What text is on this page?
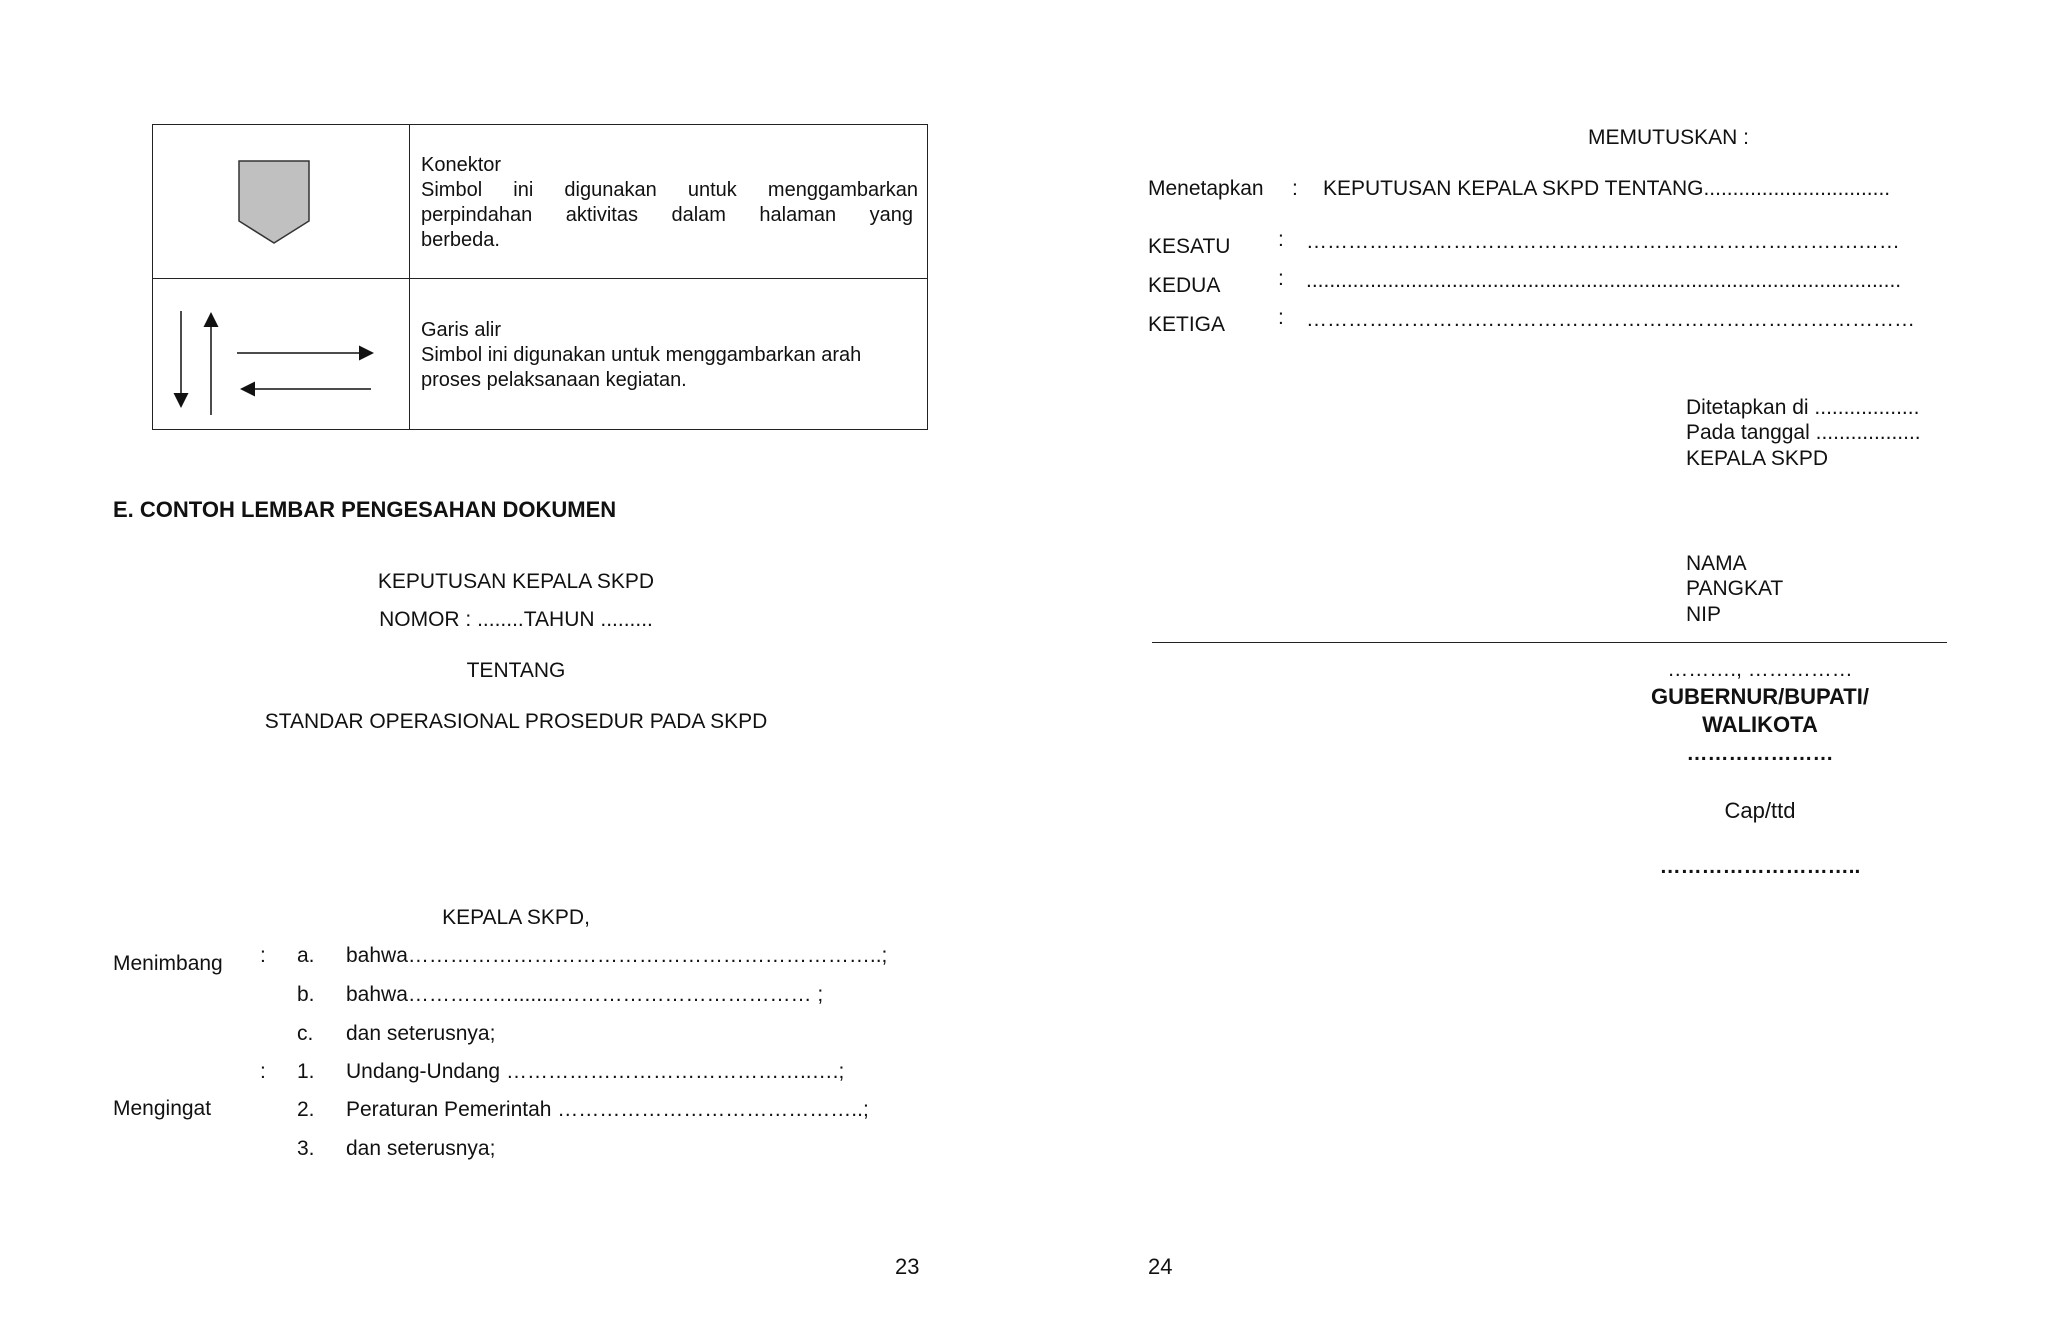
Konektor
Simbol ini digunakan untuk menggambarkan
perpindahan aktivitas dalam halaman yang
berbeda.
Garis alir
Simbol ini digunakan untuk menggambarkan arah
proses pelaksanaan kegiatan.
E. CONTOH LEMBAR PENGESAHAN DOKUMEN
KEPUTUSAN KEPALA SKPD
NOMOR : ........TAHUN .........
TENTANG
STANDAR OPERASIONAL PROSEDUR PADA SKPD
KEPALA SKPD,
Menimbang : a. bahwa…………………………………………………………..;
b. bahwa……………........……………………………… ;
c. dan seterusnya;
:
Mengingat
1. Undang-Undang ……………………………………..….;
2. Peraturan Pemerintah ……………………………………..;
3. dan seterusnya;
23
MEMUTUSKAN :
Menetapkan : KEPUTUSAN KEPALA SKPD TENTANG................................
KESATU : …………………………………………………………………….……
KEDUA	: ......................................................................................................
KETIGA	: ……………………………………………………………………………
Ditetapkan di ..................
Pada tanggal ..................
KEPALA SKPD
NAMA
PANGKAT
NIP
………., ……………
GUBERNUR/BUPATI/
WALIKOTA
…………………
Cap/ttd
………………………..
24
